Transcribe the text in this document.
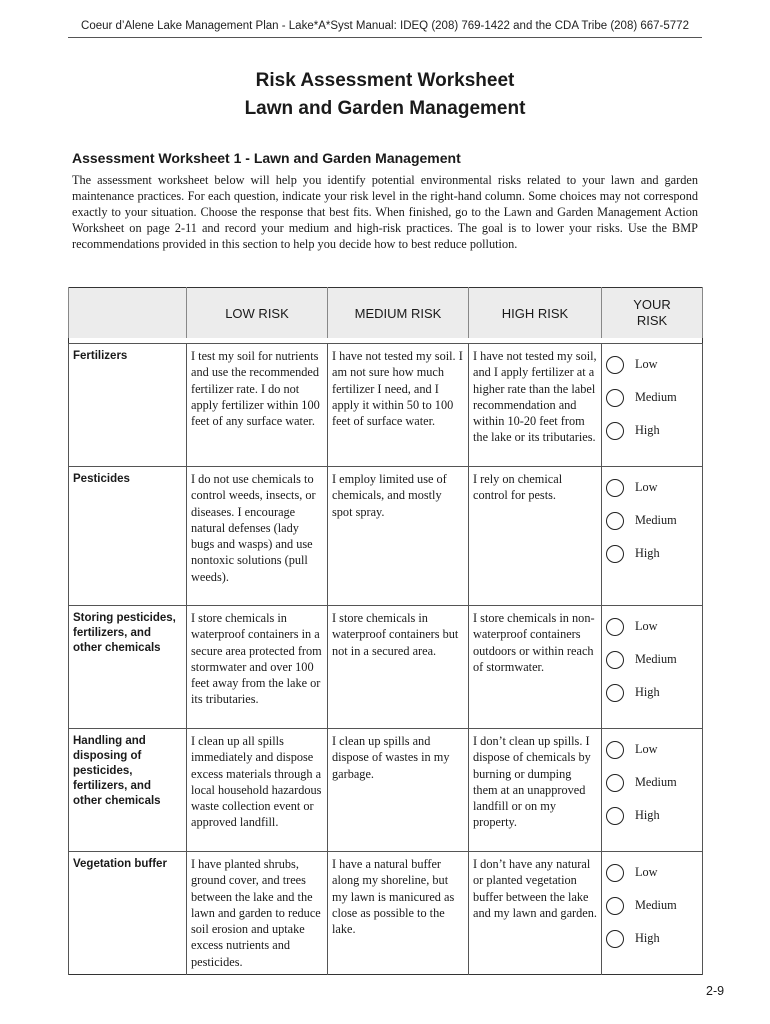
Coeur d’Alene Lake Management Plan - Lake*A*Syst Manual: IDEQ (208) 769-1422 and the CDA Tribe (208) 667-5772
Risk Assessment Worksheet
Lawn and Garden Management
Assessment Worksheet 1 - Lawn and Garden Management
The assessment worksheet below will help you identify potential environmental risks related to your lawn and garden maintenance practices. For each question, indicate your risk level in the right-hand column. Some choices may not correspond exactly to your situation. Choose the response that best fits. When finished, go to the Lawn and Garden Management Action Worksheet on page 2-11 and record your medium and high-risk practices. The goal is to lower your risks. Use the BMP recommendations provided in this section to help you decide how to best reduce pollution.
	LOW RISK	MEDIUM RISK	HIGH RISK	YOUR
RISK

Fertilizers	I test my soil for nutrients and use the recommended fertilizer rate. I do not apply fertilizer within 100 feet of any surface water.	I have not tested my soil. I am not sure how much fertilizer I need, and I apply it within 50 to 100 feet of surface water.	I have not tested my soil, and I apply fertilizer at a higher rate than the label recommendation and within 10-20 feet from the lake or its tributaries.	Low
Medium
High

Pesticides	I do not use chemicals to control weeds, insects, or diseases. I encourage natural defenses (lady bugs and wasps) and use nontoxic solutions (pull weeds).	I employ limited use of chemicals, and mostly spot spray.	I rely on chemical control for pests.	Low
Medium
High

Storing pesticides, fertilizers, and other chemicals	I store chemicals in waterproof containers in a secure area protected from stormwater and over 100 feet away from the lake or its tributaries.	I store chemicals in waterproof containers but not in a secured area.	I store chemicals in non-waterproof containers outdoors or within reach of stormwater.	Low
Medium
High

Handling and disposing of pesticides, fertilizers, and other chemicals	I clean up all spills immediately and dispose excess materials through a local household hazardous waste collection event or approved landfill.	I clean up spills and dispose of wastes in my garbage.	I don’t clean up spills. I dispose of chemicals by burning or dumping them at an unapproved landfill or on my property.	Low
Medium
High

Vegetation buffer	I have planted shrubs, ground cover, and trees between the lake and the lawn and garden to reduce soil erosion and uptake excess nutrients and pesticides.	I have a natural buffer along my shoreline, but my lawn is manicured as close as possible to the lake.	I don’t have any natural or planted vegetation buffer between the lake and my lawn and garden.	Low
Medium
High
2-9
